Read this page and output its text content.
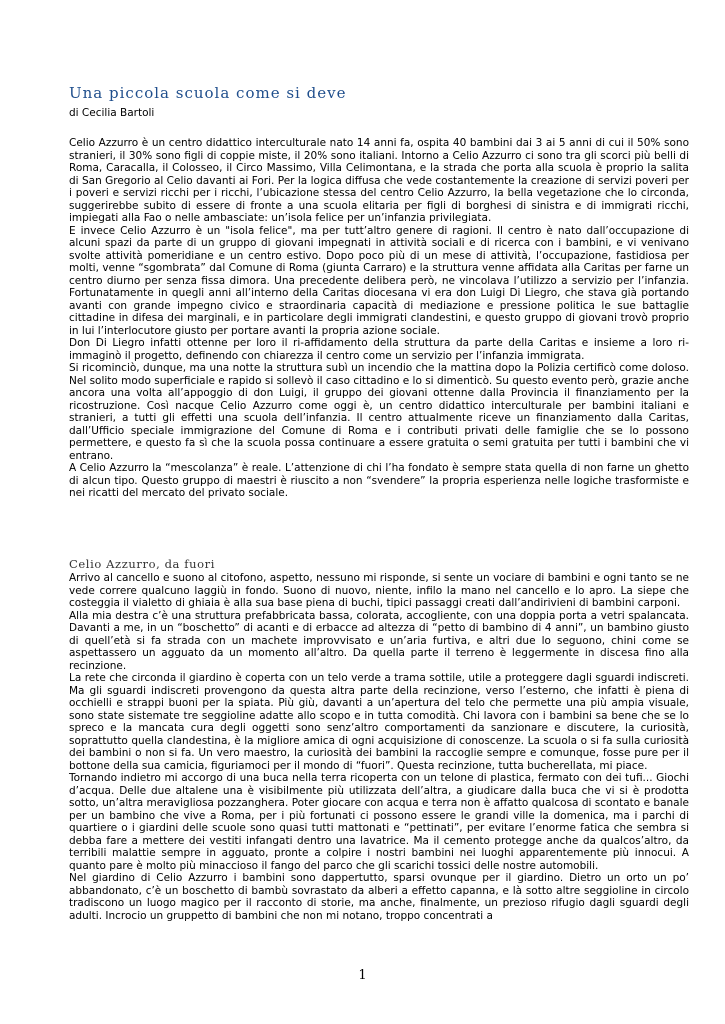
Una piccola scuola come si deve
di Cecilia Bartoli

Celio Azzurro è un centro didattico interculturale nato 14 anni fa, ospita 40 bambini dai 3 ai 5 anni di cui il 50% sono stranieri, il 30% sono figli di coppie miste, il 20% sono italiani. Intorno a Celio Azzurro ci sono tra gli scorci più belli di Roma, Caracalla, il Colosseo, il Circo Massimo, Villa Celimontana, e la strada che porta alla scuola è proprio la salita di San Gregorio al Celio davanti ai Fori. Per la logica diffusa che vede costantemente la creazione di servizi poveri per i poveri e servizi ricchi per i ricchi, l’ubicazione stessa del centro Celio Azzurro, la bella vegetazione che lo circonda, suggerirebbe subito di essere di fronte a una scuola elitaria per figli di borghesi di sinistra e di immigrati ricchi, impiegati alla Fao o nelle ambasciate: un’isola felice per un’infanzia privilegiata.

E invece Celio Azzurro è un "isola felice", ma per tutt’altro genere di ragioni. Il centro è nato dall’occupazione di alcuni spazi da parte di un gruppo di giovani impegnati in attività sociali e di ricerca con i bambini, e vi venivano svolte attività pomeridiane e un centro estivo. Dopo poco più di un mese di attività, l’occupazione, fastidiosa per molti, venne “sgombrata” dal Comune di Roma (giunta Carraro) e la struttura venne affidata alla Caritas per farne un centro diurno per senza fissa dimora. Una precedente delibera però, ne vincolava l’utilizzo a servizio per l’infanzia. Fortunatamente in quegli anni all’interno della Caritas diocesana vi era don Luigi Di Liegro, che stava già portando avanti con grande impegno civico e straordinaria capacità di mediazione e pressione politica le sue battaglie cittadine in difesa dei marginali, e in particolare degli immigrati clandestini, e questo gruppo di giovani trovò proprio in lui l’interlocutore giusto per portare avanti la propria azione sociale.

Don Di Liegro infatti ottenne per loro il ri-affidamento della struttura da parte della Caritas e insieme a loro ri- immaginò il progetto, definendo con chiarezza il centro come un servizio per l’infanzia immigrata.

Si ricominciò, dunque, ma una notte la struttura subì un incendio che la mattina dopo la Polizia certificò come doloso. Nel solito modo superficiale e rapido si sollevò il caso cittadino e lo si dimenticò. Su questo evento però, grazie anche ancora una volta all’appoggio di don Luigi, il gruppo dei giovani ottenne dalla Provincia il finanziamento per la ricostruzione. Così nacque Celio Azzurro come oggi è, un centro didattico interculturale per bambini italiani e stranieri, a tutti gli effetti una scuola dell’infanzia. Il centro attualmente riceve un finanziamento dalla Caritas, dall’Ufficio speciale immigrazione del Comune di Roma e i contributi privati delle famiglie che se lo possono permettere, e questo fa sì che la scuola possa continuare a essere gratuita o semi gratuita per tutti i bambini che vi entrano.

A Celio Azzurro la “mescolanza” è reale. L’attenzione di chi l’ha fondato è sempre stata quella di non farne un ghetto di alcun tipo. Questo gruppo di maestri è riuscito a non “svendere” la propria esperienza nelle logiche trasformiste e nei ricatti del mercato del privato sociale.

Celio Azzurro, da fuori

Arrivo al cancello e suono al citofono, aspetto, nessuno mi risponde, si sente un vociare di bambini e ogni tanto se ne vede correre qualcuno laggiù in fondo. Suono di nuovo, niente, infilo la mano nel cancello e lo apro. La siepe che costeggia il vialetto di ghiaia è alla sua base piena di buchi, tipici passaggi creati dall’andirivieni di bambini carponi.

Alla mia destra c’è una struttura prefabbricata bassa, colorata, accogliente, con una doppia porta a vetri spalancata. Davanti a me, in un “boschetto” di acanti e di erbacce ad altezza di “petto di bambino di 4 anni”, un bambino giusto di quell’età si fa strada con un machete improvvisato e un’aria furtiva, e altri due lo seguono, chini come se aspettassero un agguato da un momento all’altro. Da quella parte il terreno è leggermente in discesa fino alla recinzione.

La rete che circonda il giardino è coperta con un telo verde a trama sottile, utile a proteggere dagli sguardi indiscreti. Ma gli sguardi indiscreti provengono da questa altra parte della recinzione, verso l’esterno, che infatti è piena di occhielli e strappi buoni per la spiata. Più giù, davanti a un’apertura del telo che permette una più ampia visuale, sono state sistemate tre seggioline adatte allo scopo e in tutta comodità. Chi lavora con i bambini sa bene che se lo spreco e la mancata cura degli oggetti sono senz’altro comportamenti da sanzionare e discutere, la curiosità, soprattutto quella clandestina, è la migliore amica di ogni acquisizione di conoscenze. La scuola o si fa sulla curiosità dei bambini o non si fa. Un vero maestro, la curiosità dei bambini la raccoglie sempre e comunque, fosse pure per il bottone della sua camicia, figuriamoci per il mondo di “fuori”. Questa recinzione, tutta bucherellata, mi piace.

Tornando indietro mi accorgo di una buca nella terra ricoperta con un telone di plastica, fermato con dei tufi... Giochi d’acqua. Delle due altalene una è visibilmente più utilizzata dell’altra, a giudicare dalla buca che vi si è prodotta sotto, un’altra meravigliosa pozzanghera. Poter giocare con acqua e terra non è affatto qualcosa di scontato e banale per un bambino che vive a Roma, per i più fortunati ci possono essere le grandi ville la domenica, ma i parchi di quartiere o i giardini delle scuole sono quasi tutti mattonati e “pettinati”, per evitare l’enorme fatica che sembra si debba fare a mettere dei vestiti infangati dentro una lavatrice. Ma il cemento protegge anche da qualcos’altro, da terribili malattie sempre in agguato, pronte a colpire i nostri bambini nei luoghi apparentemente più innocui. A quanto pare è molto più minaccioso il fango del parco che gli scarichi tossici delle nostre automobili.

Nel giardino di Celio Azzurro i bambini sono dappertutto, sparsi ovunque per il giardino. Dietro un orto un po’ abbandonato, c’è un boschetto di bambù sovrastato da alberi a effetto capanna, e là sotto altre seggioline in circolo tradiscono un luogo magico per il racconto di storie, ma anche, finalmente, un prezioso rifugio dagli sguardi degli adulti. Incrocio un gruppetto di bambini che non mi notano, troppo concentrati a

1
